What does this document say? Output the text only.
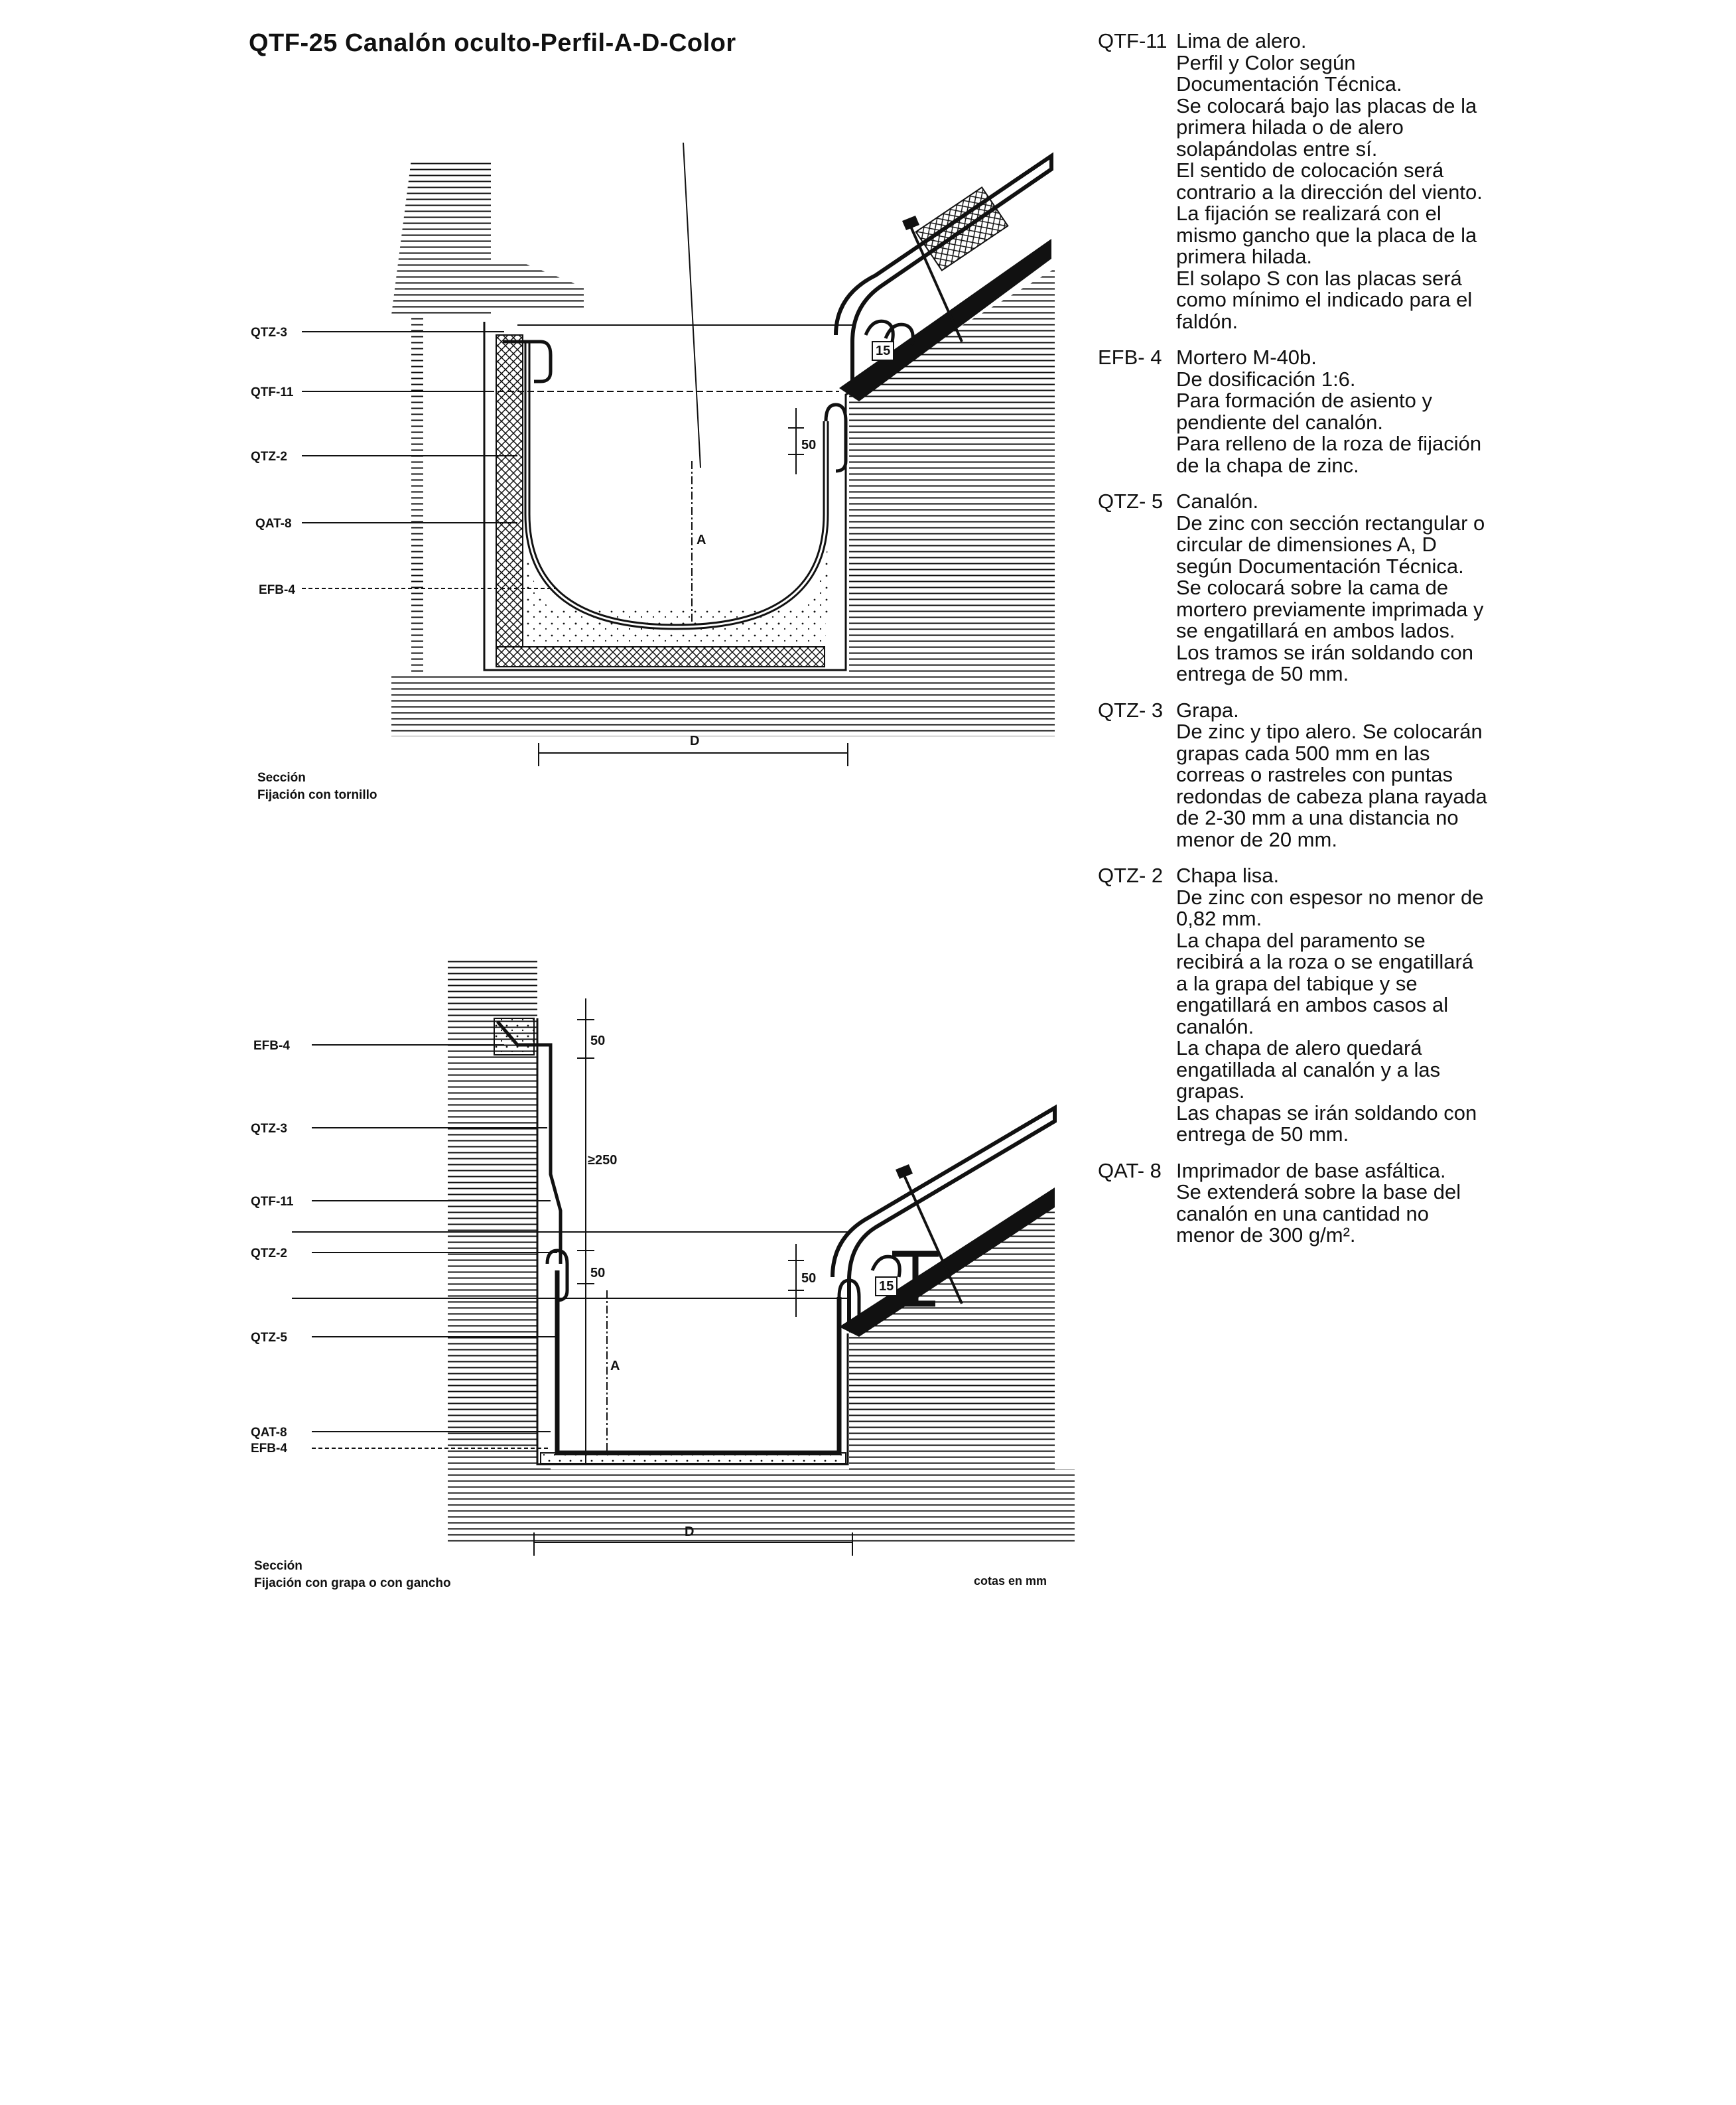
QTF-25 Canalón oculto-Perfil-A-D-Color
15
50
A
D
QTZ-3
QTF-11
QTZ-2
QAT-8
EFB-4
Sección
Fijación con tornillo
15
50
≥250
50
A
50
D
EFB-4
QTZ-3
QTF-11
QTZ-2
QTZ-5
QAT-8
EFB-4
Sección
Fijación con grapa o con gancho	cotas en mm
QTF-11 Lima de alero.
Perfil y Color según Documentación Técnica.
Se colocará bajo las placas de la primera hilada o de alero solapándolas entre sí.
El sentido de colocación será contrario a la dirección del viento.
La fijación se realizará con el mismo gancho que la placa de la primera hilada.
El solapo S con las placas será como mínimo el indicado para el faldón.
EFB- 4 Mortero M-40b.
De dosificación 1:6.
Para formación de asiento y pendiente del canalón.
Para relleno de la roza de fijación de la chapa de zinc.
QTZ- 5 Canalón.
De zinc con sección rectangular o circular de dimensiones A, D según Documentación Técnica.
Se colocará sobre la cama de mortero previamente imprimada y se engatillará en ambos lados.
Los tramos se irán soldando con entrega de 50 mm.
QTZ- 3 Grapa.
De zinc y tipo alero. Se colocarán grapas cada 500 mm en las correas o rastreles con puntas redondas de cabeza plana rayada de 2-30 mm a una distancia no menor de 20 mm.
QTZ- 2 Chapa lisa.
De zinc con espesor no menor de 0,82 mm.
La chapa del paramento se recibirá a la roza o se engatillará a la grapa del tabique y se engatillará en ambos casos al canalón.
La chapa de alero quedará engatillada al canalón y a las grapas.
Las chapas se irán soldando con entrega de 50 mm.
QAT- 8 Imprimador de base asfáltica.
Se extenderá sobre la base del canalón en una cantidad no menor de 300 g/m².
